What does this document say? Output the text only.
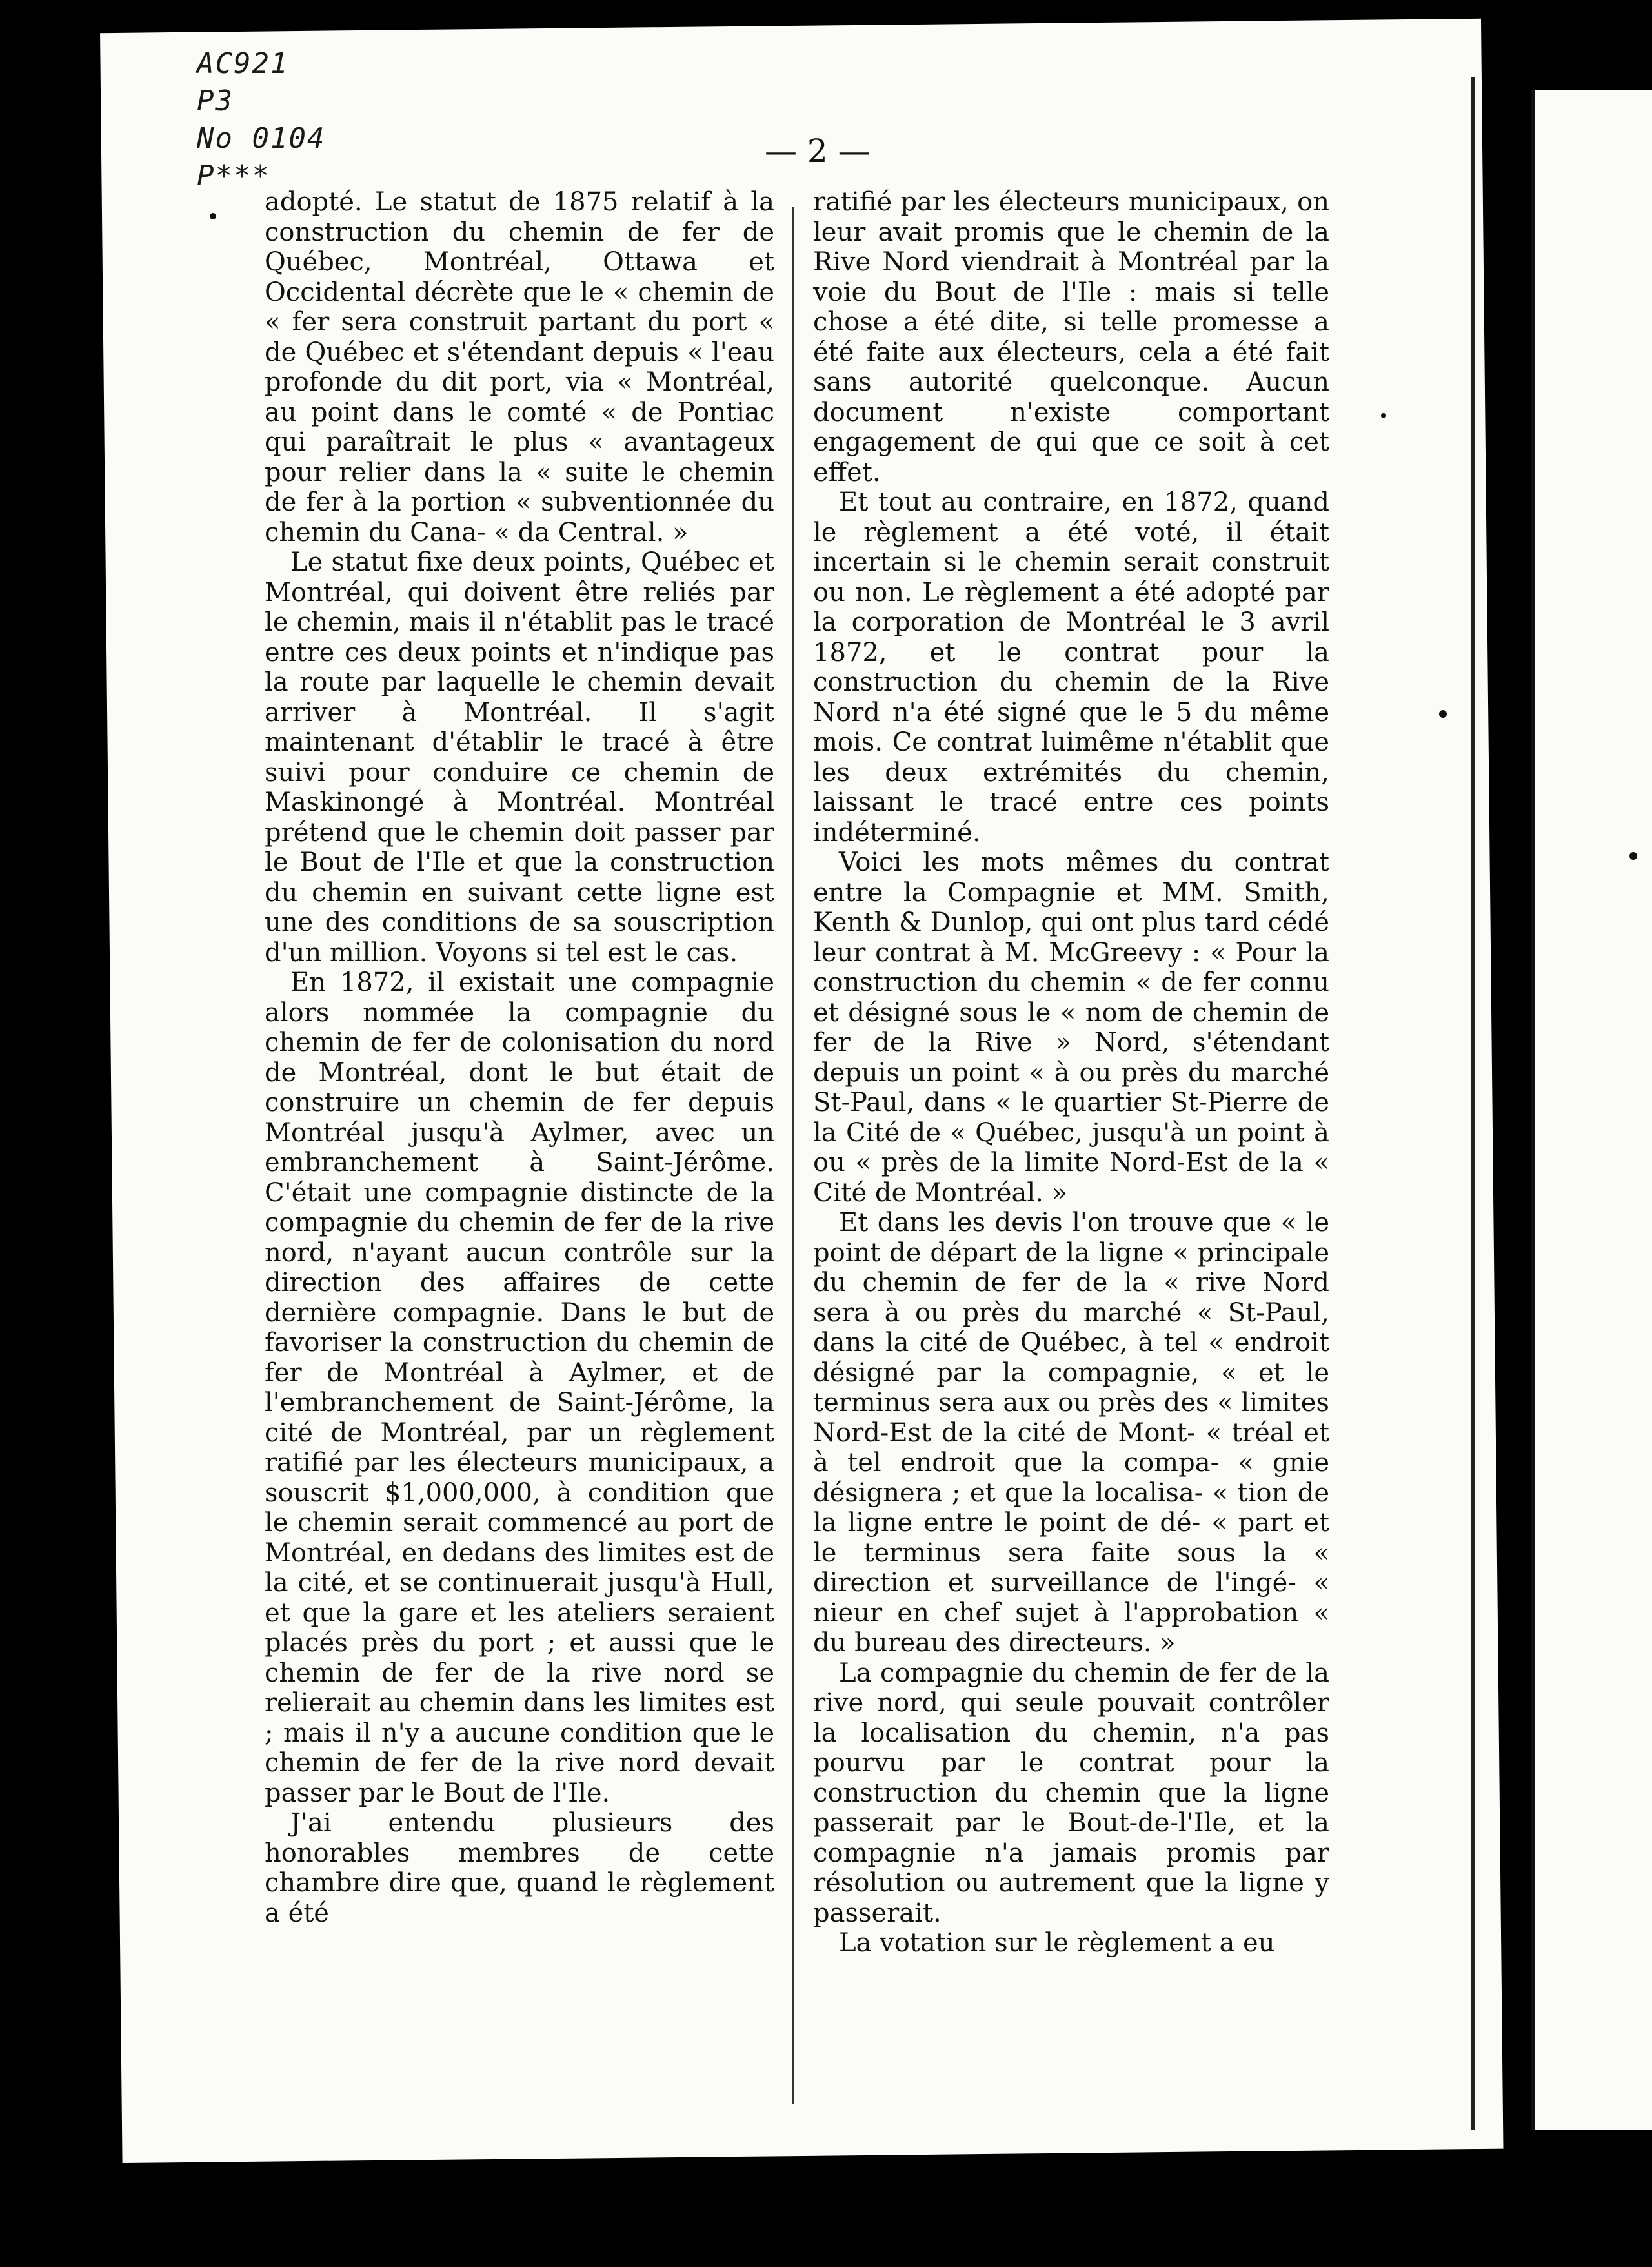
AC921
P3
No 0104
P***
— 2 —

adopté. Le statut de 1875 relatif à la construction du chemin de fer de Québec, Montréal, Ottawa et Occidental décrète que le « chemin de « fer sera construit partant du port « de Québec et s'étendant depuis « l'eau profonde du dit port, via « Montréal, au point dans le comté « de Pontiac qui paraîtrait le plus « avantageux pour relier dans la « suite le chemin de fer à la portion « subventionnée du chemin du Cana- « da Central. »

Le statut fixe deux points, Québec et Montréal, qui doivent être reliés par le chemin, mais il n'établit pas le tracé entre ces deux points et n'indique pas la route par laquelle le chemin devait arriver à Montréal. Il s'agit maintenant d'établir le tracé à être suivi pour conduire ce chemin de Maskinongé à Montréal. Montréal prétend que le chemin doit passer par le Bout de l'Ile et que la construction du chemin en suivant cette ligne est une des conditions de sa souscription d'un million. Voyons si tel est le cas.

En 1872, il existait une compagnie alors nommée la compagnie du chemin de fer de colonisation du nord de Montréal, dont le but était de construire un chemin de fer depuis Montréal jusqu'à Aylmer, avec un embranchement à Saint-Jérôme. C'était une compagnie distincte de la compagnie du chemin de fer de la rive nord, n'ayant aucun contrôle sur la direction des affaires de cette dernière compagnie. Dans le but de favoriser la construction du chemin de fer de Montréal à Aylmer, et de l'embranchement de Saint-Jérôme, la cité de Montréal, par un règlement ratifié par les électeurs municipaux, a souscrit $1,000,000, à condition que le chemin serait commencé au port de Montréal, en dedans des limites est de la cité, et se continuerait jusqu'à Hull, et que la gare et les ateliers seraient placés près du port ; et aussi que le chemin de fer de la rive nord se relierait au chemin dans les limites est ; mais il n'y a aucune condition que le chemin de fer de la rive nord devait passer par le Bout de l'Ile.

J'ai entendu plusieurs des honorables membres de cette chambre dire que, quand le règlement a été

ratifié par les électeurs municipaux, on leur avait promis que le chemin de la Rive Nord viendrait à Montréal par la voie du Bout de l'Ile : mais si telle chose a été dite, si telle promesse a été faite aux électeurs, cela a été fait sans autorité quelconque. Aucun document n'existe comportant engagement de qui que ce soit à cet effet.

Et tout au contraire, en 1872, quand le règlement a été voté, il était incertain si le chemin serait construit ou non. Le règlement a été adopté par la corporation de Montréal le 3 avril 1872, et le contrat pour la construction du chemin de la Rive Nord n'a été signé que le 5 du même mois. Ce contrat luimême n'établit que les deux extrémités du chemin, laissant le tracé entre ces points indéterminé.

Voici les mots mêmes du contrat entre la Compagnie et MM. Smith, Kenth & Dunlop, qui ont plus tard cédé leur contrat à M. McGreevy : « Pour la construction du chemin « de fer connu et désigné sous le « nom de chemin de fer de la Rive » Nord, s'étendant depuis un point « à ou près du marché St-Paul, dans « le quartier St-Pierre de la Cité de « Québec, jusqu'à un point à ou « près de la limite Nord-Est de la « Cité de Montréal. »

Et dans les devis l'on trouve que « le point de départ de la ligne « principale du chemin de fer de la « rive Nord sera à ou près du marché « St-Paul, dans la cité de Québec, à tel « endroit désigné par la compagnie, « et le terminus sera aux ou près des « limites Nord-Est de la cité de Mont- « tréal et à tel endroit que la compa- « gnie désignera ; et que la localisa- « tion de la ligne entre le point de dé- « part et le terminus sera faite sous la « direction et surveillance de l'ingé- « nieur en chef sujet à l'approbation « du bureau des directeurs. »

La compagnie du chemin de fer de la rive nord, qui seule pouvait contrôler la localisation du chemin, n'a pas pourvu par le contrat pour la construction du chemin que la ligne passerait par le Bout-de-l'Ile, et la compagnie n'a jamais promis par résolution ou autrement que la ligne y passerait.

La votation sur le règlement a eu
